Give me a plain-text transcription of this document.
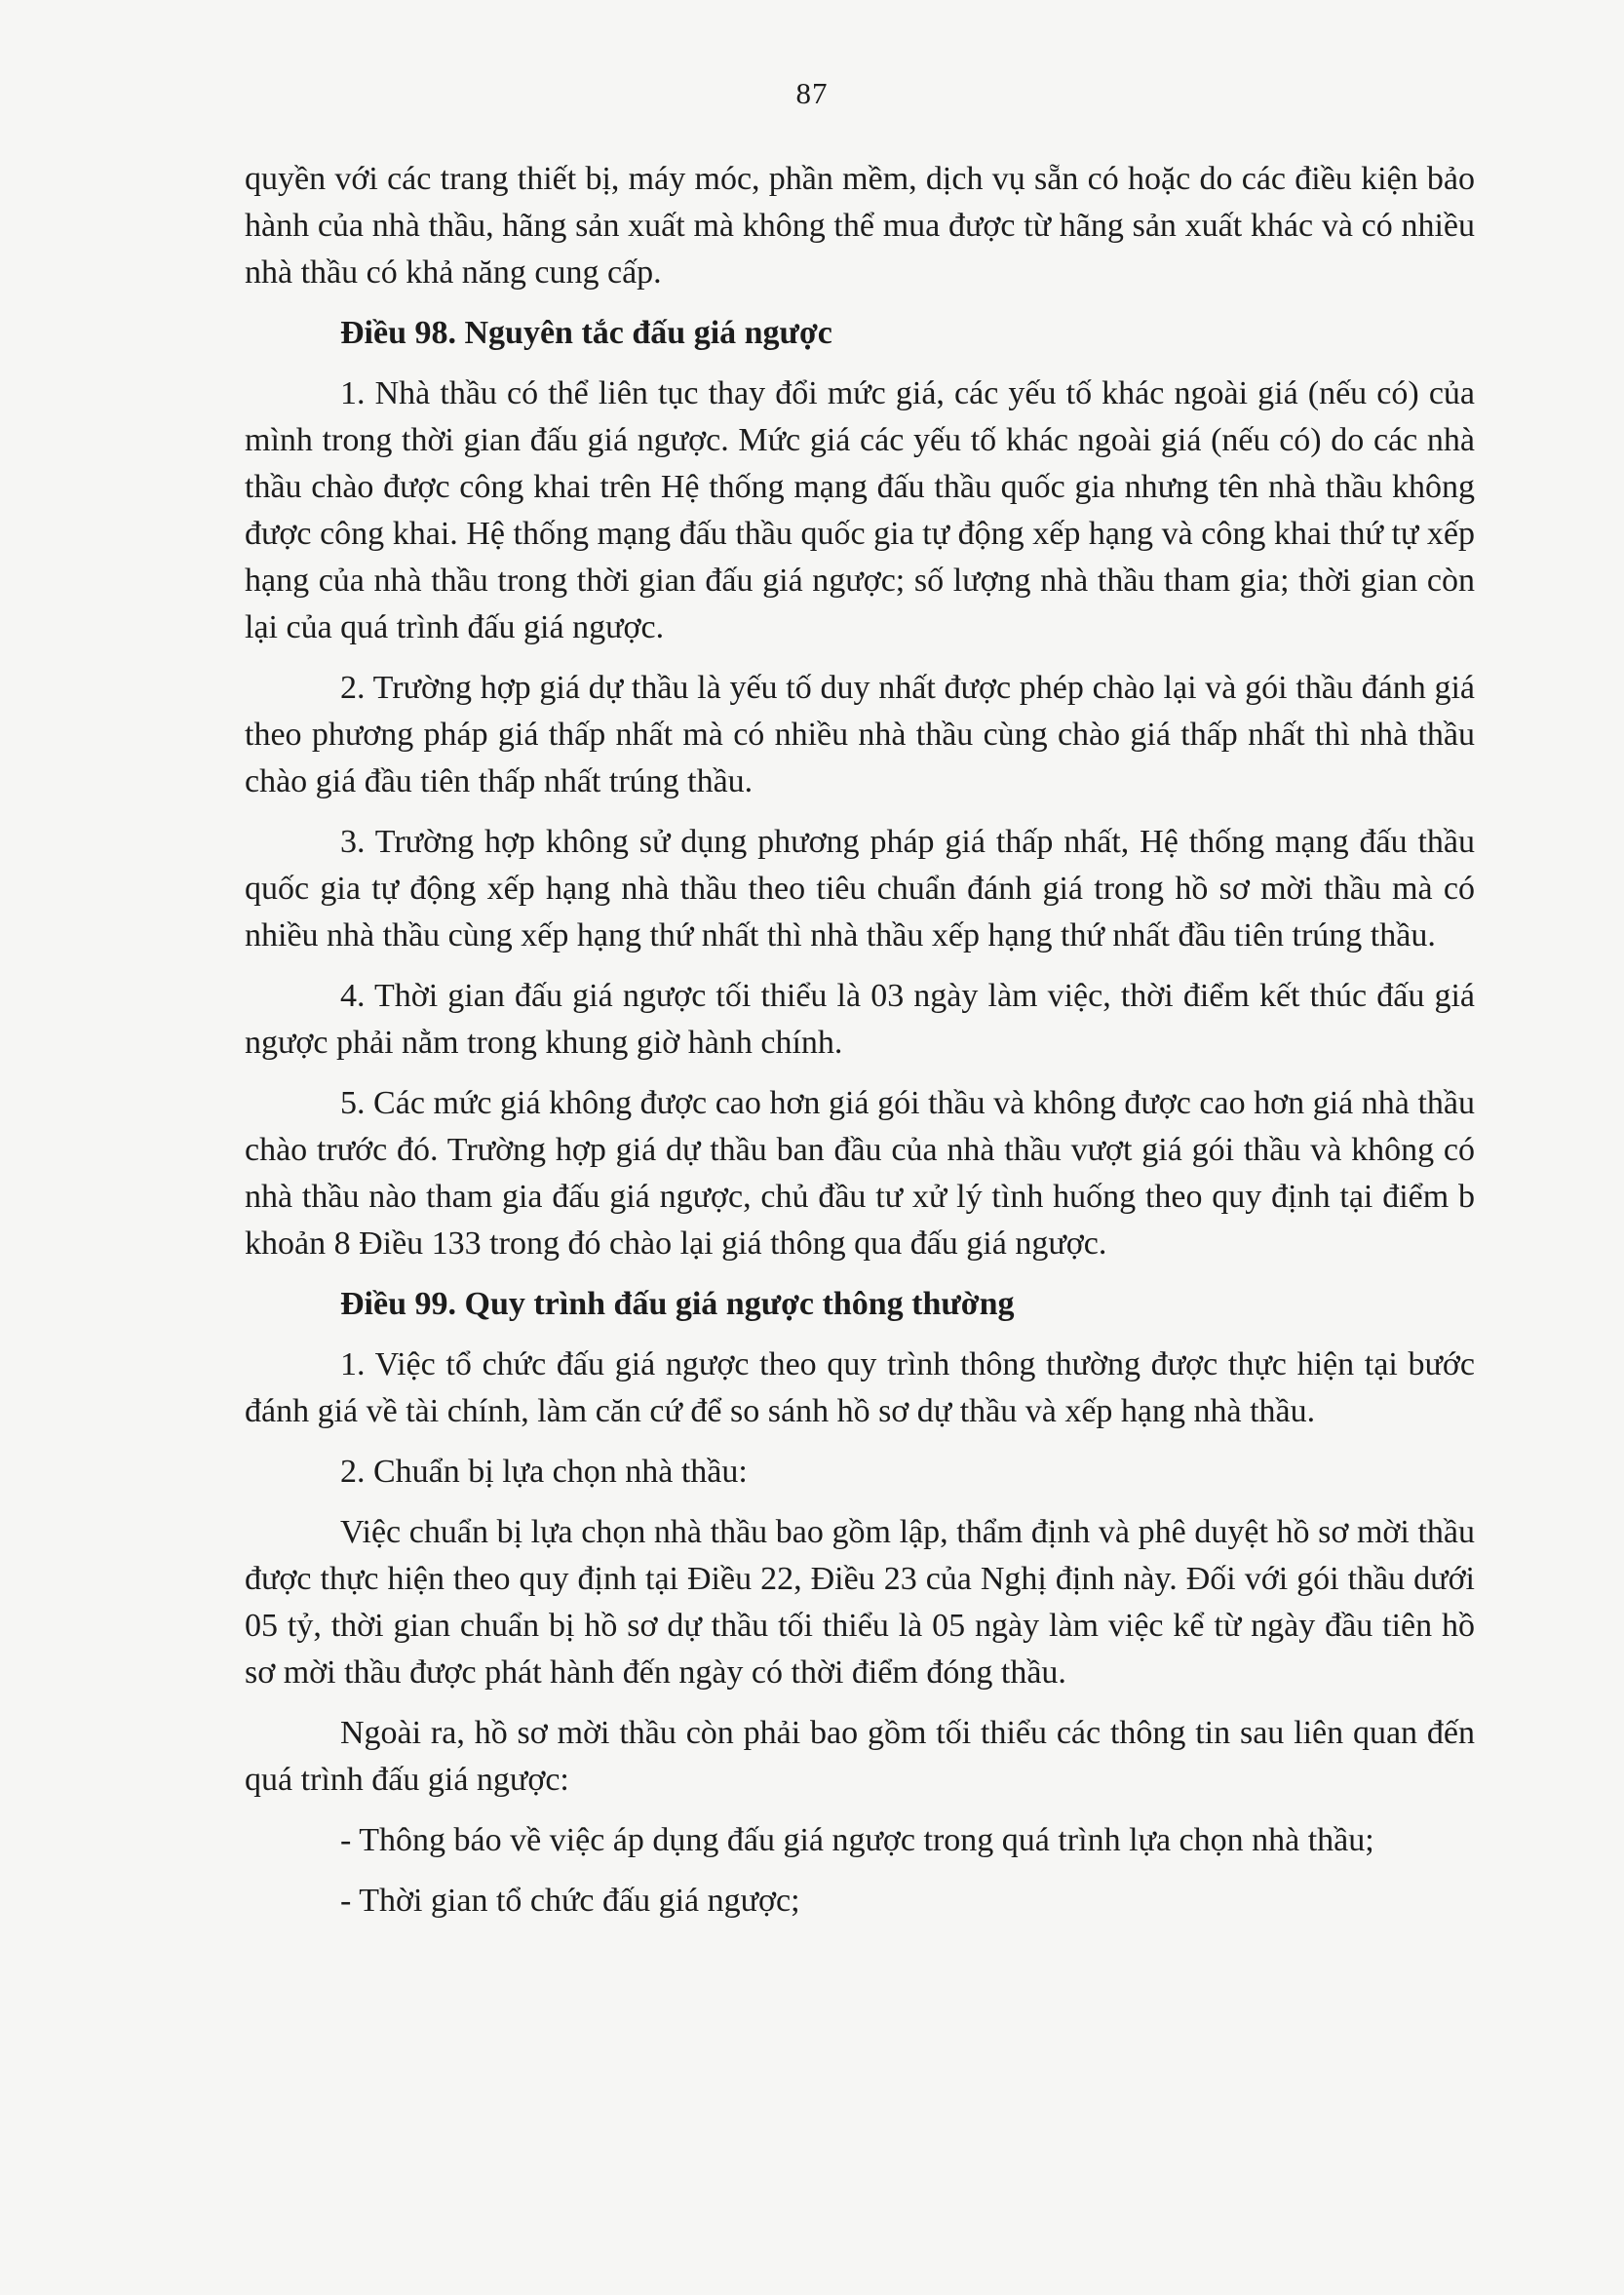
87

quyền với các trang thiết bị, máy móc, phần mềm, dịch vụ sẵn có hoặc do các điều kiện bảo hành của nhà thầu, hãng sản xuất mà không thể mua được từ hãng sản xuất khác và có nhiều nhà thầu có khả năng cung cấp.

Điều 98. Nguyên tắc đấu giá ngược

1. Nhà thầu có thể liên tục thay đổi mức giá, các yếu tố khác ngoài giá (nếu có) của mình trong thời gian đấu giá ngược. Mức giá các yếu tố khác ngoài giá (nếu có) do các nhà thầu chào được công khai trên Hệ thống mạng đấu thầu quốc gia nhưng tên nhà thầu không được công khai. Hệ thống mạng đấu thầu quốc gia tự động xếp hạng và công khai thứ tự xếp hạng của nhà thầu trong thời gian đấu giá ngược; số lượng nhà thầu tham gia; thời gian còn lại của quá trình đấu giá ngược.

2. Trường hợp giá dự thầu là yếu tố duy nhất được phép chào lại và gói thầu đánh giá theo phương pháp giá thấp nhất mà có nhiều nhà thầu cùng chào giá thấp nhất thì nhà thầu chào giá đầu tiên thấp nhất trúng thầu.

3. Trường hợp không sử dụng phương pháp giá thấp nhất, Hệ thống mạng đấu thầu quốc gia tự động xếp hạng nhà thầu theo tiêu chuẩn đánh giá trong hồ sơ mời thầu mà có nhiều nhà thầu cùng xếp hạng thứ nhất thì nhà thầu xếp hạng thứ nhất đầu tiên trúng thầu.

4. Thời gian đấu giá ngược tối thiểu là 03 ngày làm việc, thời điểm kết thúc đấu giá ngược phải nằm trong khung giờ hành chính.

5. Các mức giá không được cao hơn giá gói thầu và không được cao hơn giá nhà thầu chào trước đó. Trường hợp giá dự thầu ban đầu của nhà thầu vượt giá gói thầu và không có nhà thầu nào tham gia đấu giá ngược, chủ đầu tư xử lý tình huống theo quy định tại điểm b khoản 8 Điều 133 trong đó chào lại giá thông qua đấu giá ngược.

Điều 99. Quy trình đấu giá ngược thông thường

1. Việc tổ chức đấu giá ngược theo quy trình thông thường được thực hiện tại bước đánh giá về tài chính, làm căn cứ để so sánh hồ sơ dự thầu và xếp hạng nhà thầu.

2. Chuẩn bị lựa chọn nhà thầu:

Việc chuẩn bị lựa chọn nhà thầu bao gồm lập, thẩm định và phê duyệt hồ sơ mời thầu được thực hiện theo quy định tại Điều 22, Điều 23 của Nghị định này. Đối với gói thầu dưới 05 tỷ, thời gian chuẩn bị hồ sơ dự thầu tối thiểu là 05 ngày làm việc kể từ ngày đầu tiên hồ sơ mời thầu được phát hành đến ngày có thời điểm đóng thầu.

Ngoài ra, hồ sơ mời thầu còn phải bao gồm tối thiểu các thông tin sau liên quan đến quá trình đấu giá ngược:

- Thông báo về việc áp dụng đấu giá ngược trong quá trình lựa chọn nhà thầu;

- Thời gian tổ chức đấu giá ngược;
